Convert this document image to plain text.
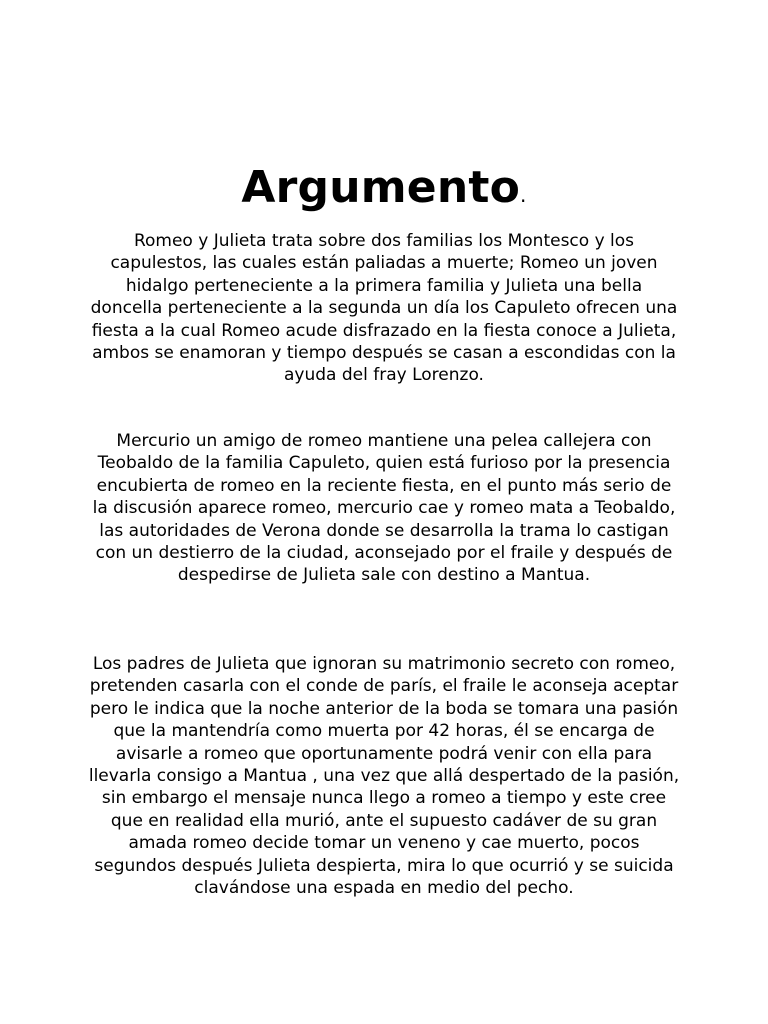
Argumento.

Romeo y Julieta trata sobre dos familias los Montesco y los capulestos, las cuales están paliadas a muerte; Romeo un joven hidalgo perteneciente a la primera familia y Julieta una bella doncella perteneciente a la segunda un día los Capuleto ofrecen una fiesta a la cual Romeo acude disfrazado en la fiesta conoce a Julieta, ambos se enamoran y tiempo después se casan a escondidas con la ayuda del fray Lorenzo.

Mercurio un amigo de romeo mantiene una pelea callejera con Teobaldo de la familia Capuleto, quien está furioso por la presencia encubierta de romeo en la reciente fiesta, en el punto más serio de la discusión aparece romeo, mercurio cae y romeo mata a Teobaldo, las autoridades de Verona donde se desarrolla la trama lo castigan con un destierro de la ciudad, aconsejado por el fraile y después de despedirse de Julieta sale con destino a Mantua.

Los padres de Julieta que ignoran su matrimonio secreto con romeo, pretenden casarla con el conde de parís, el fraile le aconseja aceptar pero le indica que la noche anterior de la boda se tomara una pasión que la mantendría como muerta por 42 horas, él se encarga de avisarle a romeo que oportunamente podrá venir con ella para llevarla consigo a Mantua , una vez que allá despertado de la pasión, sin embargo el mensaje nunca llego a romeo a tiempo y este cree que en realidad ella murió, ante el supuesto cadáver de su gran amada romeo decide tomar un veneno y cae muerto, pocos segundos después Julieta despierta, mira lo que ocurrió y se suicida clavándose una espada en medio del pecho.
